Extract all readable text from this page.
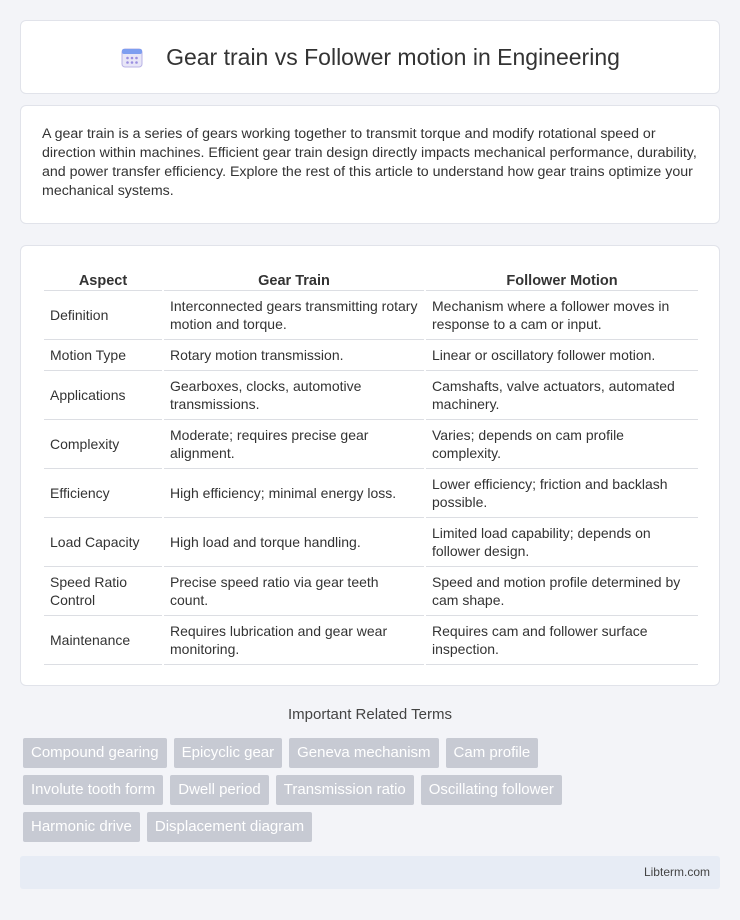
Gear train vs Follower motion in Engineering

A gear train is a series of gears working together to transmit torque and modify rotational speed or direction within machines. Efficient gear train design directly impacts mechanical performance, durability, and power transfer efficiency. Explore the rest of this article to understand how gear trains optimize your mechanical systems.

Aspect	Gear Train	Follower Motion
Definition	Interconnected gears transmitting rotary motion and torque.	Mechanism where a follower moves in response to a cam or input.
Motion Type	Rotary motion transmission.	Linear or oscillatory follower motion.
Applications	Gearboxes, clocks, automotive transmissions.	Camshafts, valve actuators, automated machinery.
Complexity	Moderate; requires precise gear alignment.	Varies; depends on cam profile complexity.
Efficiency	High efficiency; minimal energy loss.	Lower efficiency; friction and backlash possible.
Load Capacity	High load and torque handling.	Limited load capability; depends on follower design.
Speed Ratio Control	Precise speed ratio via gear teeth count.	Speed and motion profile determined by cam shape.
Maintenance	Requires lubrication and gear wear monitoring.	Requires cam and follower surface inspection.
Important Related Terms
Compound gearing	Epicyclic gear	Geneva mechanism	Cam profile
Involute tooth form	Dwell period	Transmission ratio	Oscillating follower
Harmonic drive	Displacement diagram
Libterm.com
